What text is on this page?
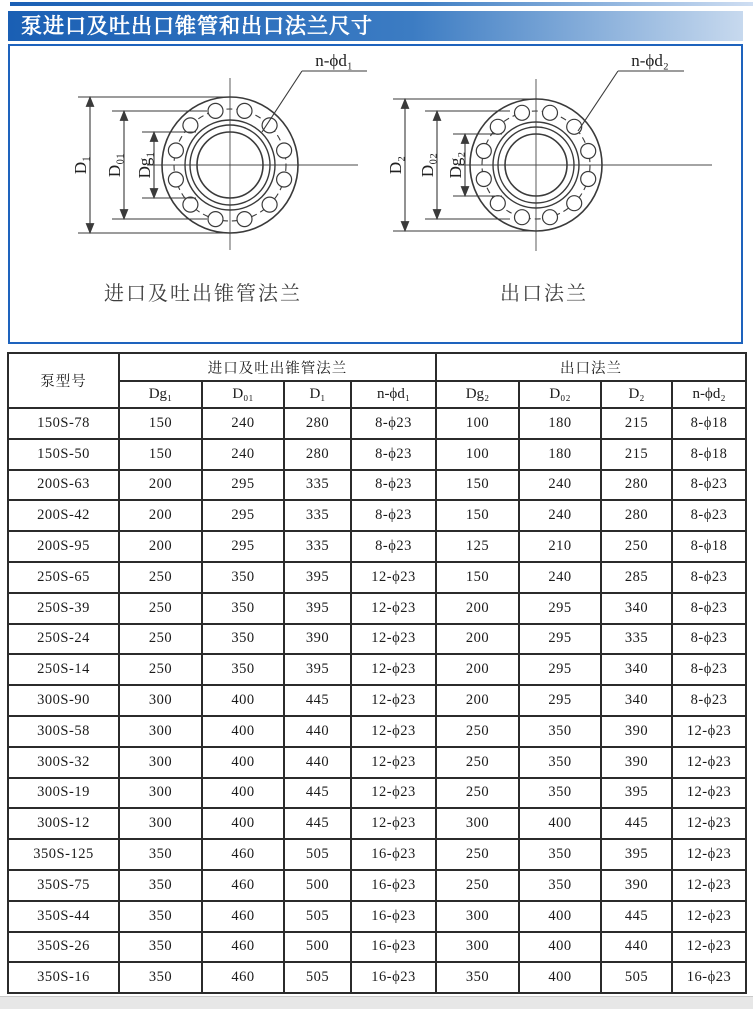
泵进口及吐出口锥管和出口法兰尺寸
D₁ D₀₁ Dg₁
n-ϕd₁
进口及吐出锥管法兰
D₂ D₀₂ Dg₂
n-ϕd₂
出口法兰
泵型号	进口及吐出锥管法兰				出口法兰			
	Dg₁	D₀₁	D₁	n-ϕd₁	Dg₂	D₀₂	D₂	n-ϕd₂
150S-78	150	240	280	8-ϕ23	100	180	215	8-ϕ18
150S-50	150	240	280	8-ϕ23	100	180	215	8-ϕ18
200S-63	200	295	335	8-ϕ23	150	240	280	8-ϕ23
200S-42	200	295	335	8-ϕ23	150	240	280	8-ϕ23
200S-95	200	295	335	8-ϕ23	125	210	250	8-ϕ18
250S-65	250	350	395	12-ϕ23	150	240	285	8-ϕ23
250S-39	250	350	395	12-ϕ23	200	295	340	8-ϕ23
250S-24	250	350	390	12-ϕ23	200	295	335	8-ϕ23
250S-14	250	350	395	12-ϕ23	200	295	340	8-ϕ23
300S-90	300	400	445	12-ϕ23	200	295	340	8-ϕ23
300S-58	300	400	440	12-ϕ23	250	350	390	12-ϕ23
300S-32	300	400	440	12-ϕ23	250	350	390	12-ϕ23
300S-19	300	400	445	12-ϕ23	250	350	395	12-ϕ23
300S-12	300	400	445	12-ϕ23	300	400	445	12-ϕ23
350S-125	350	460	505	16-ϕ23	250	350	395	12-ϕ23
350S-75	350	460	500	16-ϕ23	250	350	390	12-ϕ23
350S-44	350	460	505	16-ϕ23	300	400	445	12-ϕ23
350S-26	350	460	500	16-ϕ23	300	400	440	12-ϕ23
350S-16	350	460	505	16-ϕ23	350	400	505	16-ϕ23
